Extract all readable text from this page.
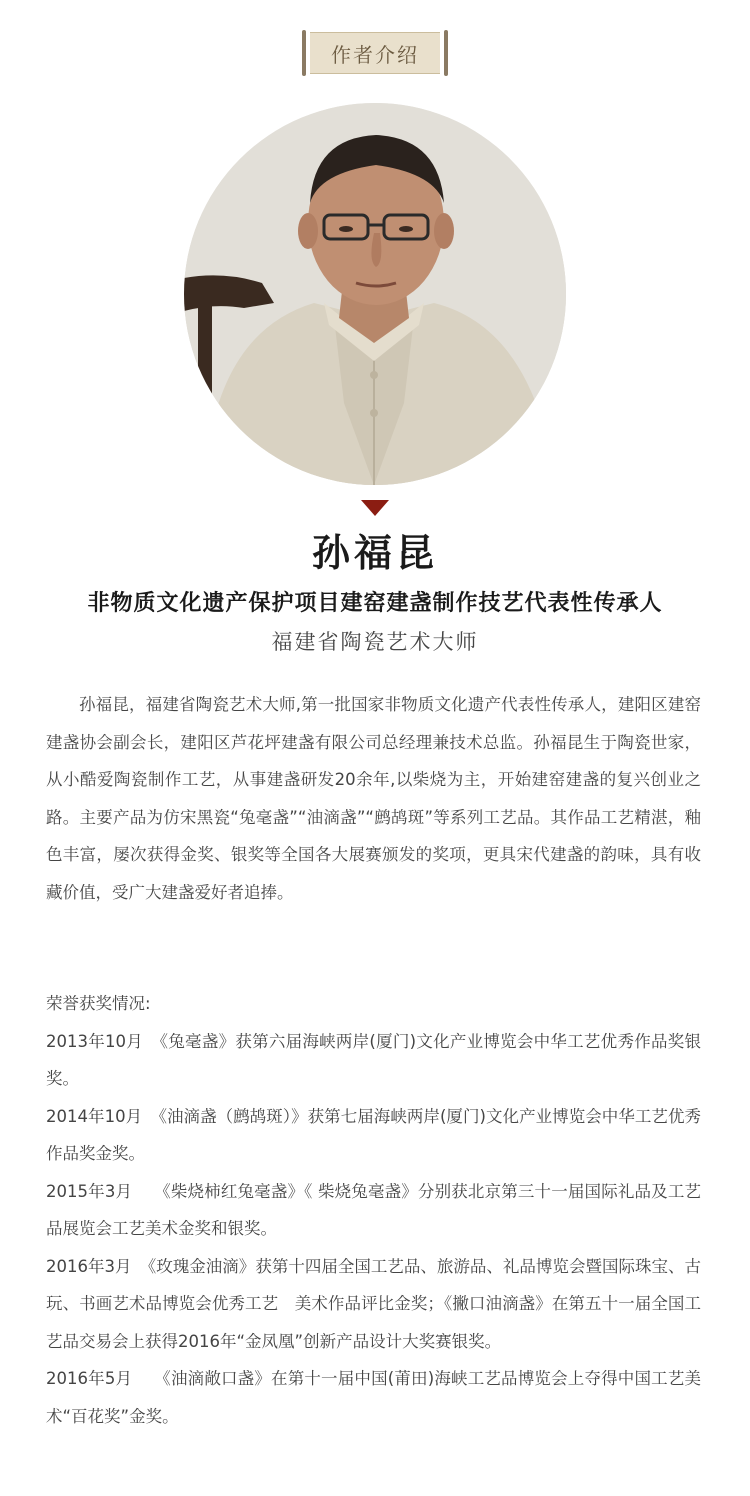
作者介绍
孙福昆
非物质文化遗产保护项目建窑建盏制作技艺代表性传承人
福建省陶瓷艺术大师

孙福昆，福建省陶瓷艺术大师,第一批国家非物质文化遗产代表性传承人，建阳区建窑建盏协会副会长，建阳区芦花坪建盏有限公司总经理兼技术总监。孙福昆生于陶瓷世家，从小酷爱陶瓷制作工艺，从事建盏研发20余年,以柴烧为主，开始建窑建盏的复兴创业之路。主要产品为仿宋黑瓷“兔毫盏”“油滴盏”“鹧鸪斑”等系列工艺品。其作品工艺精湛，釉色丰富，屡次获得金奖、银奖等全国各大展赛颁发的奖项，更具宋代建盏的韵味，具有收藏价值，受广大建盏爱好者追捧。

荣誉获奖情况:

2013年10月　《兔毫盏》获第六届海峡两岸(厦门)文化产业博览会中华工艺优秀作品奖银奖。

2014年10月　《油滴盏（鹧鸪斑）》获第七届海峡两岸(厦门)文化产业博览会中华工艺优秀作品奖金奖。

2015年3月　 《柴烧柿红兔毫盏》《 柴烧兔毫盏》分别获北京第三十一届国际礼品及工艺品展览会工艺美术金奖和银奖。

2016年3月　《玫瑰金油滴》获第十四届全国工艺品、旅游品、礼品博览会暨国际珠宝、古玩、书画艺术品博览会优秀工艺　美术作品评比金奖；《撇口油滴盏》在第五十一届全国工艺品交易会上获得2016年“金凤凰”创新产品设计大奖赛银奖。

2016年5月　 《油滴敞口盏》在第十一届中国(莆田)海峡工艺品博览会上夺得中国工艺美术“百花奖”金奖。
